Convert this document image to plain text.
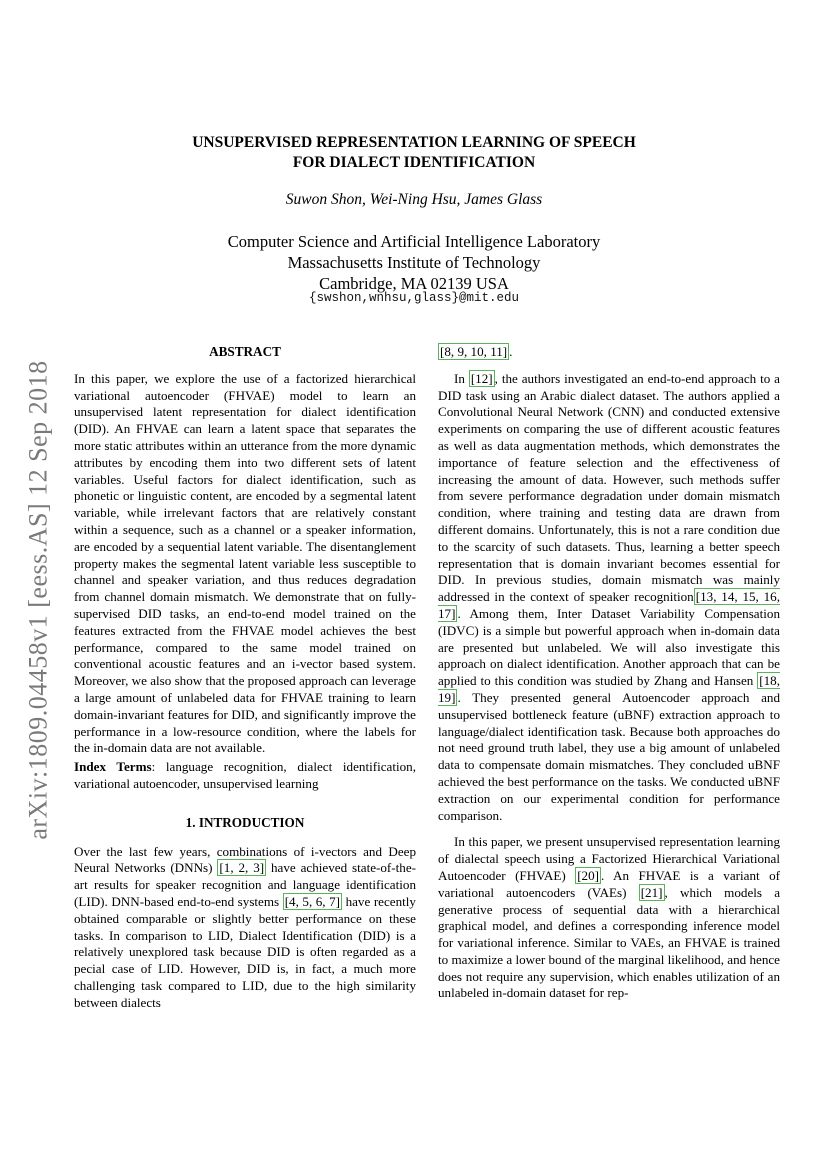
arXiv:1809.04458v1 [eess.AS] 12 Sep 2018
UNSUPERVISED REPRESENTATION LEARNING OF SPEECH
FOR DIALECT IDENTIFICATION
Suwon Shon, Wei-Ning Hsu, James Glass
Computer Science and Artificial Intelligence Laboratory
Massachusetts Institute of Technology
Cambridge, MA 02139 USA
{swshon,wnhsu,glass}@mit.edu
ABSTRACT

In this paper, we explore the use of a factorized hierarchical variational autoencoder (FHVAE) model to learn an unsupervised latent representation for dialect identification (DID). An FHVAE can learn a latent space that separates the more static attributes within an utterance from the more dynamic attributes by encoding them into two different sets of latent variables. Useful factors for dialect identification, such as phonetic or linguistic content, are encoded by a segmental latent variable, while irrelevant factors that are relatively constant within a sequence, such as a channel or a speaker information, are encoded by a sequential latent variable. The disentanglement property makes the segmental latent variable less susceptible to channel and speaker variation, and thus reduces degradation from channel domain mismatch. We demonstrate that on fully-supervised DID tasks, an end-to-end model trained on the features extracted from the FHVAE model achieves the best performance, compared to the same model trained on conventional acoustic features and an i-vector based system. Moreover, we also show that the proposed approach can leverage a large amount of unlabeled data for FHVAE training to learn domain-invariant features for DID, and significantly improve the performance in a low-resource condition, where the labels for the in-domain data are not available.

Index Terms: language recognition, dialect identification, variational autoencoder, unsupervised learning

1. INTRODUCTION

Over the last few years, combinations of i-vectors and Deep Neural Networks (DNNs) [1, 2, 3] have achieved state-of-the-art results for speaker recognition and language identification (LID). DNN-based end-to-end systems [4, 5, 6, 7] have recently obtained comparable or slightly better performance on these tasks. In comparison to LID, Dialect Identification (DID) is a relatively unexplored task because DID is often regarded as a pecial case of LID. However, DID is, in fact, a much more challenging task compared to LID, due to the high similarity between dialects

[8, 9, 10, 11] .

In [12] , the authors investigated an end-to-end approach to a DID task using an Arabic dialect dataset. The authors applied a Convolutional Neural Network (CNN) and conducted extensive experiments on comparing the use of different acoustic features as well as data augmentation methods, which demonstrates the importance of feature selection and the effectiveness of increasing the amount of data. However, such methods suffer from severe performance degradation under domain mismatch condition, where training and testing data are drawn from different domains. Unfortunately, this is not a rare condition due to the scarcity of such datasets. Thus, learning a better speech representation that is domain invariant becomes essential for DID. In previous studies, domain mismatch was mainly addressed in the context of speaker recognition [13, 14, 15, 16, 17] . Among them, Inter Dataset Variability Compensation (IDVC) is a simple but powerful approach when in-domain data are presented but unlabeled. We will also investigate this approach on dialect identification. Another approach that can be applied to this condition was studied by Zhang and Hansen [18, 19] . They presented general Autoencoder approach and unsupervised bottleneck feature (uBNF) extraction approach to language/dialect identification task. Because both approaches do not need ground truth label, they use a big amount of unlabeled data to compensate domain mismatches. They concluded uBNF achieved the best performance on the tasks. We conducted uBNF extraction on our experimental condition for performance comparison.

In this paper, we present unsupervised representation learning of dialectal speech using a Factorized Hierarchical Variational Autoencoder (FHVAE) [20] . An FHVAE is a variant of variational autoencoders (VAEs) [21] , which models a generative process of sequential data with a hierarchical graphical model, and defines a corresponding inference model for variational inference. Similar to VAEs, an FHVAE is trained to maximize a lower bound of the marginal likelihood, and hence does not require any supervision, which enables utilization of an unlabeled in-domain dataset for rep-
